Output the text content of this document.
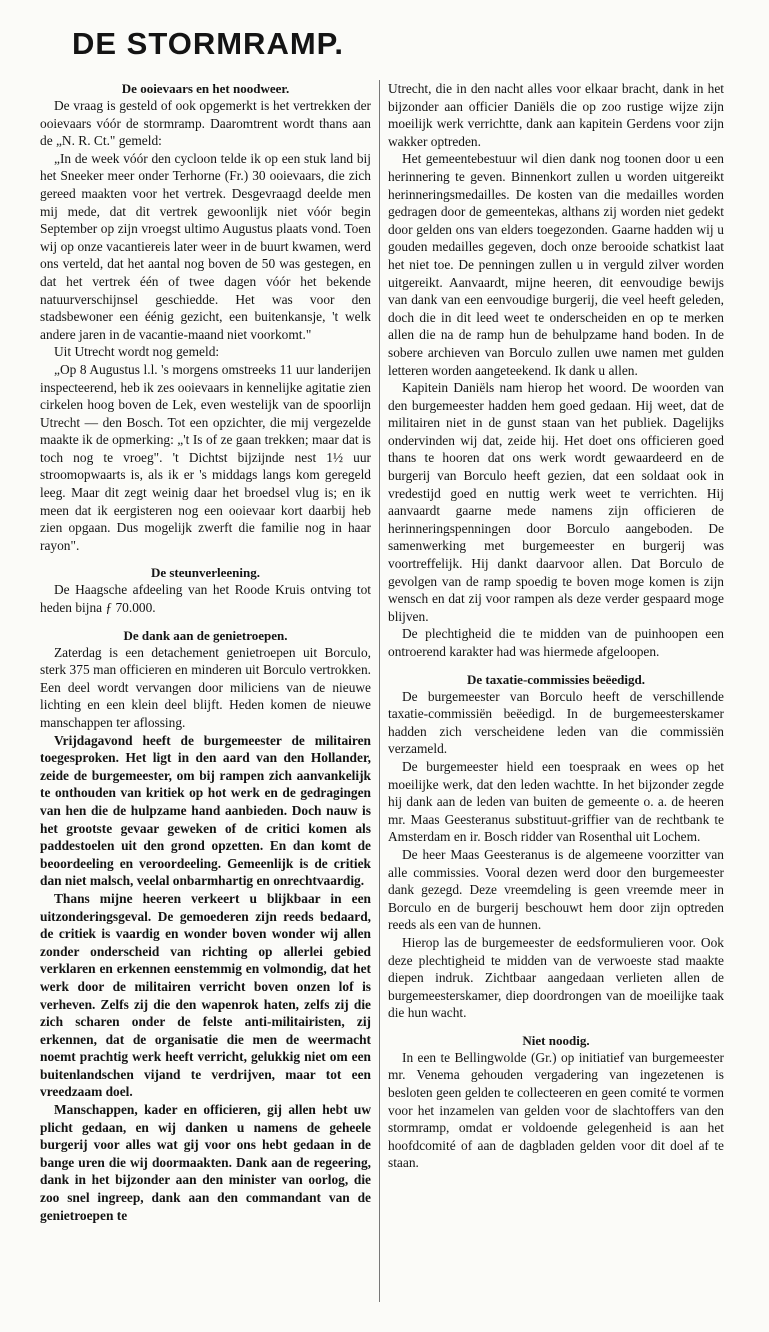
DE STORMRAMP.
De ooievaars en het noodweer.

De vraag is gesteld of ook opgemerkt is het vertrekken der ooievaars vóór de stormramp. Daaromtrent wordt thans aan de „N. R. Ct." gemeld:

„In de week vóór den cycloon telde ik op een stuk land bij het Sneeker meer onder Terhorne (Fr.) 30 ooievaars, die zich gereed maakten voor het vertrek. Desgevraagd deelde men mij mede, dat dit vertrek gewoonlijk niet vóór begin September op zijn vroegst ultimo Augustus plaats vond. Toen wij op onze vacantiereis later weer in de buurt kwamen, werd ons verteld, dat het aantal nog boven de 50 was gestegen, en dat het vertrek één of twee dagen vóór het bekende natuurverschijnsel geschiedde. Het was voor den stadsbewoner een éénig gezicht, een buitenkansje, 't welk andere jaren in de vacantie-maand niet voorkomt."

Uit Utrecht wordt nog gemeld:

„Op 8 Augustus l.l. 's morgens omstreeks 11 uur landerijen inspecteerend, heb ik zes ooievaars in kennelijke agitatie zien cirkelen hoog boven de Lek, even westelijk van de spoorlijn Utrecht — den Bosch. Tot een opzichter, die mij vergezelde maakte ik de opmerking: „'t Is of ze gaan trekken; maar dat is toch nog te vroeg". 't Dichtst bijzijnde nest 1½ uur stroomopwaarts is, als ik er 's middags langs kom geregeld leeg. Maar dit zegt weinig daar het broedsel vlug is; en ik meen dat ik eergisteren nog een ooievaar kort daarbij heb zien opgaan. Dus mogelijk zwerft die familie nog in haar rayon".

De steunverleening.

De Haagsche afdeeling van het Roode Kruis ontving tot heden bijna ƒ 70.000.

De dank aan de genietroepen.

Zaterdag is een detachement genietroepen uit Borculo, sterk 375 man officieren en minderen uit Borculo vertrokken. Een deel wordt vervangen door miliciens van de nieuwe lichting en een klein deel blijft. Heden komen de nieuwe manschappen ter aflossing.

Vrijdagavond heeft de burgemeester de militairen toegesproken. Het ligt in den aard van den Hollander, zeide de burgemeester, om bij rampen zich aanvankelijk te onthouden van kritiek op hot werk en de gedragingen van hen die de hulpzame hand aanbieden. Doch nauw is het grootste gevaar geweken of de critici komen als paddestoelen uit den grond opzetten. En dan komt de beoordeeling en veroordeeling. Gemeenlijk is de critiek dan niet malsch, veelal onbarmhartig en onrechtvaardig.

Thans mijne heeren verkeert u blijkbaar in een uitzonderingsgeval. De gemoederen zijn reeds bedaard, de critiek is vaardig en wonder boven wonder wij allen zonder onderscheid van richting op allerlei gebied verklaren en erkennen eenstemmig en volmondig, dat het werk door de militairen verricht boven onzen lof is verheven. Zelfs zij die den wapenrok haten, zelfs zij die zich scharen onder de felste anti-militairisten, zij erkennen, dat de organisatie die men de weermacht noemt prachtig werk heeft verricht, gelukkig niet om een buitenlandschen vijand te verdrijven, maar tot een vreedzaam doel.

Manschappen, kader en officieren, gij allen hebt uw plicht gedaan, en wij danken u namens de geheele burgerij voor alles wat gij voor ons hebt gedaan in de bange uren die wij doormaakten. Dank aan de regeering, dank in het bijzonder aan den minister van oorlog, die zoo snel ingreep, dank aan den commandant van de genietroepen te

Utrecht, die in den nacht alles voor elkaar bracht, dank in het bijzonder aan officier Daniëls die op zoo rustige wijze zijn moeilijk werk verrichtte, dank aan kapitein Gerdens voor zijn wakker optreden.

Het gemeentebestuur wil dien dank nog toonen door u een herinnering te geven. Binnenkort zullen u worden uitgereikt herinneringsmedailles. De kosten van die medailles worden gedragen door de gemeentekas, althans zij worden niet gedekt door gelden ons van elders toegezonden. Gaarne hadden wij u gouden medailles gegeven, doch onze berooide schatkist laat het niet toe. De penningen zullen u in verguld zilver worden uitgereikt. Aanvaardt, mijne heeren, dit eenvoudige bewijs van dank van een eenvoudige burgerij, die veel heeft geleden, doch die in dit leed weet te onderscheiden en op te merken allen die na de ramp hun de behulpzame hand boden. In de sobere archieven van Borculo zullen uwe namen met gulden letteren worden aangeteekend. Ik dank u allen.

Kapitein Daniëls nam hierop het woord. De woorden van den burgemeester hadden hem goed gedaan. Hij weet, dat de militairen niet in de gunst staan van het publiek. Dagelijks ondervinden wij dat, zeide hij. Het doet ons officieren goed thans te hooren dat ons werk wordt gewaardeerd en de burgerij van Borculo heeft gezien, dat een soldaat ook in vredestijd goed en nuttig werk weet te verrichten. Hij aanvaardt gaarne mede namens zijn officieren de herinneringspenningen door Borculo aangeboden. De samenwerking met burgemeester en burgerij was voortreffelijk. Hij dankt daarvoor allen. Dat Borculo de gevolgen van de ramp spoedig te boven moge komen is zijn wensch en dat zij voor rampen als deze verder gespaard moge blijven.

De plechtigheid die te midden van de puinhoopen een ontroerend karakter had was hiermede afgeloopen.

De taxatie-commissies beëedigd.

De burgemeester van Borculo heeft de verschillende taxatie-commissiën beëedigd. In de burgemeesterskamer hadden zich verscheidene leden van die commissiën verzameld.

De burgemeester hield een toespraak en wees op het moeilijke werk, dat den leden wachtte. In het bijzonder zegde hij dank aan de leden van buiten de gemeente o. a. de heeren mr. Maas Geesteranus substituut-griffier van de rechtbank te Amsterdam en ir. Bosch ridder van Rosenthal uit Lochem.

De heer Maas Geesteranus is de algemeene voorzitter van alle commissies. Vooral dezen werd door den burgemeester dank gezegd. Deze vreemdeling is geen vreemde meer in Borculo en de burgerij beschouwt hem door zijn optreden reeds als een van de hunnen.

Hierop las de burgemeester de eedsformulieren voor. Ook deze plechtigheid te midden van de verwoeste stad maakte diepen indruk. Zichtbaar aangedaan verlieten allen de burgemeesterskamer, diep doordrongen van de moeilijke taak die hun wacht.

Niet noodig.

In een te Bellingwolde (Gr.) op initiatief van burgemeester mr. Venema gehouden vergadering van ingezetenen is besloten geen gelden te collecteeren en geen comité te vormen voor het inzamelen van gelden voor de slachtoffers van den stormramp, omdat er voldoende gelegenheid is aan het hoofdcomité of aan de dagbladen gelden voor dit doel af te staan.
